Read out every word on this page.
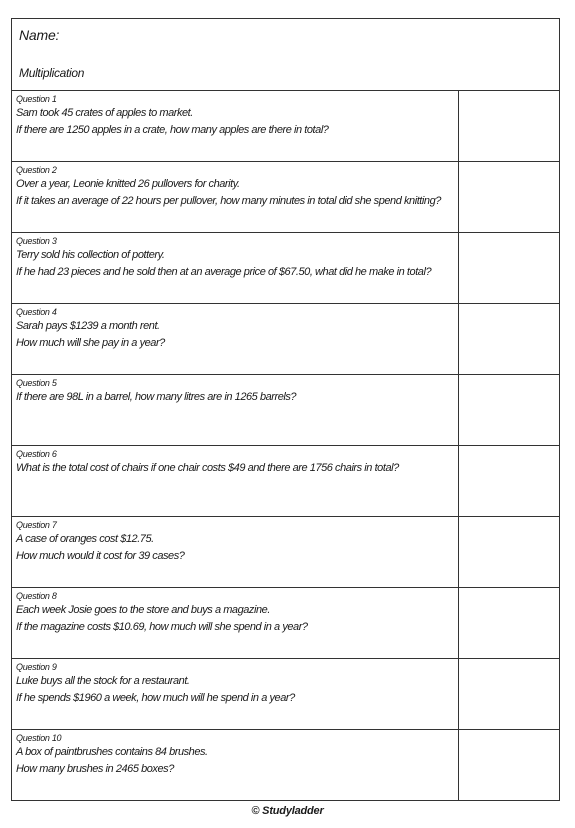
Name:
Multiplication
Question 1
Sam took 45 crates of apples to market.
If there are 1250 apples in a crate, how many apples are there in total?
Question 2
Over a year, Leonie knitted 26 pullovers for charity.
If it takes an average of 22 hours per pullover, how many minutes in total did she spend knitting?
Question 3
Terry sold his collection of pottery.
If he had 23 pieces and he sold then at an average price of $67.50, what did he make in total?
Question 4
Sarah pays $1239 a month rent.
How much will she pay in a year?
Question 5
If there are 98L in a barrel, how many litres are in 1265 barrels?
Question 6
What is the total cost of chairs if one chair costs $49 and there are 1756 chairs in total?
Question 7
A case of oranges cost $12.75.
How much would it cost for 39 cases?
Question 8
Each week Josie goes to the store and buys a magazine.
If the magazine costs $10.69, how much will she spend in a year?
Question 9
Luke buys all the stock for a restaurant.
If he spends $1960 a week, how much will he spend in a year?
Question 10
A box of paintbrushes contains 84 brushes.
How many brushes in 2465 boxes?
© Studyladder
